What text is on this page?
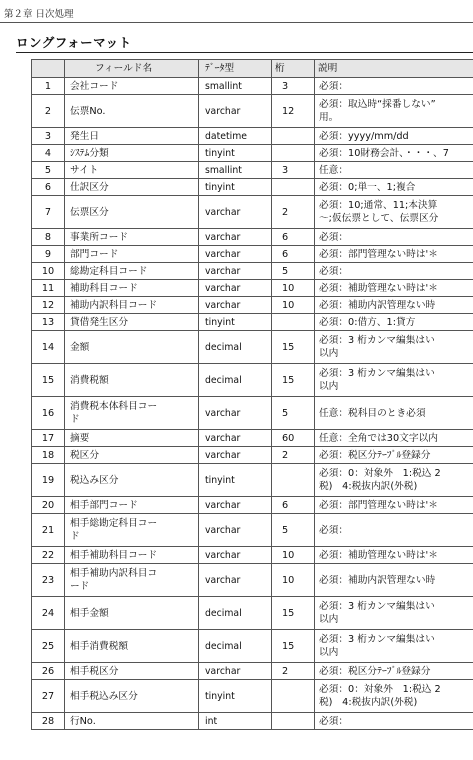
第２章 日次処理
ロングフォーマット
	フィールド名	ﾃﾞｰﾀ型	桁	説明
1	会社コード	smallint	3	必須：
2	伝票No.	varchar	12	必須：取込時“採番しない”
用。
3	発生日	datetime		必須：yyyy/mm/dd
4	ｼｽﾃﾑ分類	tinyint		必須：10財務会計、・・・、7
5	サイト	smallint	3	任意：
6	仕訳区分	tinyint		必須：0;単一、1;複合
7	伝票区分	varchar	2	必須：10;通常、11;本決算
～;仮伝票として、伝票区分
8	事業所コード	varchar	6	必須：
9	部門コード	varchar	6	必須：部門管理ない時は'＊
10	総勘定科目コード	varchar	5	必須：
11	補助科目コード	varchar	10	必須：補助管理ない時は'＊
12	補助内訳科目コード	varchar	10	必須：補助内訳管理ない時
13	貸借発生区分	tinyint		必須：0:借方、1:貸方
14	金額	decimal	15	必須：3 桁カンマ編集はい
以内
15	消費税額	decimal	15	必須：3 桁カンマ編集はい
以内
16	消費税本体科目コー
ド	varchar	5	任意：税科目のとき必須
17	摘要	varchar	60	任意：全角では30文字以内
18	税区分	varchar	2	必須：税区分ﾃｰﾌﾞﾙ登録分
19	税込み区分	tinyint		必須：0：対象外　1:税込 2
税)　4:税抜内訳(外税)
20	相手部門コード	varchar	6	必須：部門管理ない時は'＊
21	相手総勘定科目コー
ド	varchar	5	必須：
22	相手補助科目コード	varchar	10	必須：補助管理ない時は'＊
23	相手補助内訳科目コ
ード	varchar	10	必須：補助内訳管理ない時
24	相手金額	decimal	15	必須：3 桁カンマ編集はい
以内
25	相手消費税額	decimal	15	必須：3 桁カンマ編集はい
以内
26	相手税区分	varchar	2	必須：税区分ﾃｰﾌﾞﾙ登録分
27	相手税込み区分	tinyint		必須：0：対象外　1:税込 2
税)　4:税抜内訳(外税)
28	行No.	int		必須：
